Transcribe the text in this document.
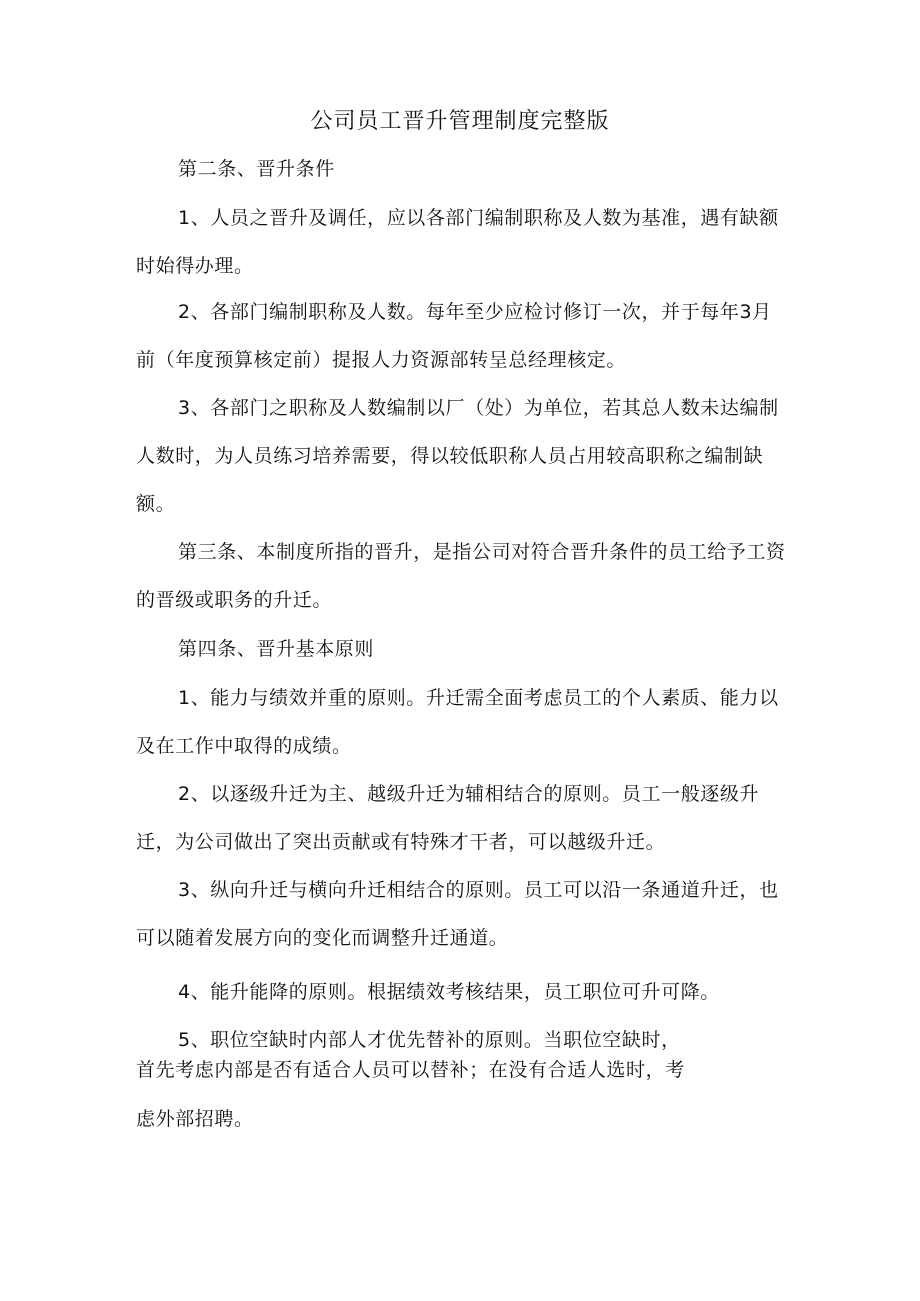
公司员工晋升管理制度完整版

第二条、晋升条件

1、人员之晋升及调任，应以各部门编制职称及人数为基准，遇有缺额时始得办理。

2、各部门编制职称及人数。每年至少应检讨修订一次，并于每年3月前（年度预算核定前）提报人力资源部转呈总经理核定。

3、各部门之职称及人数编制以厂（处）为单位，若其总人数未达编制人数时，为人员练习培养需要，得以较低职称人员占用较高职称之编制缺额。

第三条、本制度所指的晋升，是指公司对符合晋升条件的员工给予工资的晋级或职务的升迁。

第四条、晋升基本原则

1、能力与绩效并重的原则。升迁需全面考虑员工的个人素质、能力以及在工作中取得的成绩。

2、以逐级升迁为主、越级升迁为辅相结合的原则。员工一般逐级升迁，为公司做出了突出贡献或有特殊才干者，可以越级升迁。

3、纵向升迁与横向升迁相结合的原则。员工可以沿一条通道升迁，也可以随着发展方向的变化而调整升迁通道。

4、能升能降的原则。根据绩效考核结果，员工职位可升可降。

5、职位空缺时内部人才优先替补的原则。当职位空缺时，

首先考虑内部是否有适合人员可以替补；在没有合适人选时，考

虑外部招聘。
